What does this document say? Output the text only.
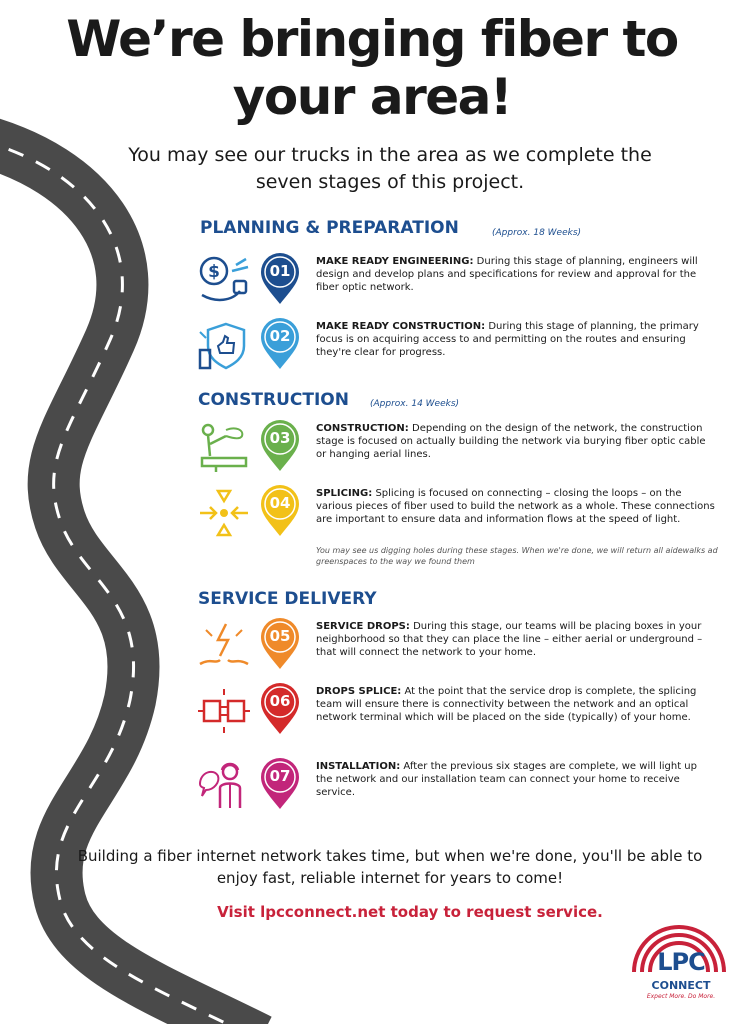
We’re bringing fiber to your area!
You may see our trucks in the area as we complete the seven stages of this project.
PLANNING & PREPARATION	(Approx. 18 Weeks)
CONSTRUCTION (Approx. 14 Weeks)
SERVICE DELIVERY
$	01
MAKE READY ENGINEERING: During this stage of planning, engineers will design and develop plans and specifications for review and approval for the fiber optic network.
02
MAKE READY CONSTRUCTION: During this stage of planning, the primary focus is on acquiring access to and permitting on the routes and ensuring they're clear for progress.
03
CONSTRUCTION: Depending on the design of the network, the construction stage is focused on actually building the network via burying fiber optic cable or hanging aerial lines.
04
SPLICING: Splicing is focused on connecting – closing the loops – on the various pieces of fiber used to build the network as a whole. These connections are important to ensure data and information flows at the speed of light.
You may see us digging holes during these stages. When we're done, we will return all aidewalks ad greenspaces to the way we found them
05
SERVICE DROPS: During this stage, our teams will be placing boxes in your neighborhood so that they can place the line – either aerial or underground – that will connect the network to your home.
06
DROPS SPLICE: At the point that the service drop is complete, the splicing team will ensure there is connectivity between the network and an optical network terminal which will be placed on the side (typically) of your home.
07
INSTALLATION: After the previous six stages are complete, we will light up the network and our installation team can connect your home to receive service.
Building a fiber internet network takes time, but when we're done, you'll be able to enjoy fast, reliable internet for years to come!
Visit lpcconnect.net today to request service.
LPC
CONNECT
Expect More. Do More.
